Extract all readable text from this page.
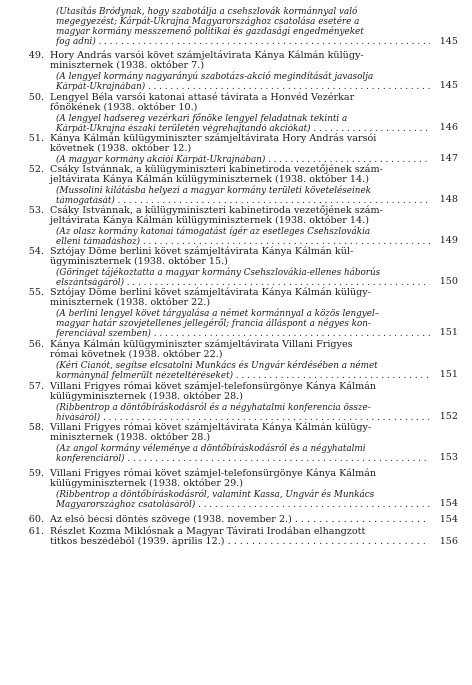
(Utasítás Bródynak, hogy szabotálja a csehszlovák kormánnyal való
megegyezést; Kárpát-Ukrajna Magyarországhoz csatolása esetére a
magyar kormány messzemenő politikai és gazdasági engedményeket
fog adni) . . .	145
49. Hory András varsói követ számjeltávirata Kánya Kálmán külügy-
miniszternek (1938. október 7.)
(A lengyel kormány nagyarányú szabotázs-akció megindítását javasolja
Kárpát-Ukrajnában) . . .	145
50. Lengyel Béla varsói katonai attasé távirata a Honvéd Vezérkar
főnökének (1938. október 10.)
(A lengyel hadsereg vezérkari főnöke lengyel feladatnak tekinti a
Kárpát-Ukrajna északi területén végrehajtandó akciókat) . . .	146
51. Kánya Kálmán külügyminiszter számjeltávirata Hory András varsói
követnek (1938. október 12.)
(A magyar kormány akciói Kárpát-Ukrajnában) . . .	147
52. Csáky Istvánnak, a külügyminiszteri kabinetiroda vezetőjének szám-
jeltávirata Kánya Kálmán külügyminiszternek (1938. október 14.)
(Mussolini kilátásba helyezi a magyar kormány területi követeléseinek
támogatását) . . .	148
53. Csáky Istvánnak, a külügyminiszteri kabinetiroda vezetőjének szám-
jeltávirata Kánya Kálmán külügyminiszternek (1938. október 14.)
(Az olasz kormány katonai támogatást ígér az esetleges Csehszlovákia
elleni támadáshoz) . . .	149
54. Sztójay Döme berlini követ számjeltávirata Kánya Kálmán kül-
ügyminiszternek (1938. október 15.)
(Göringet tájékoztatta a magyar kormány Csehszlovákia-ellenes háborús
elszántságáról) . . .	150
55. Sztójay Döme berlini követ számjeltávirata Kánya Kálmán külügy-
miniszternek (1938. október 22.)
(A berlini lengyel követ tárgyalása a német kormánnyal a közös lengyel–
magyar határ szovjetellenes jellegéről; francia álláspont a négyes kon-
ferenciával szemben) . . .	151
56. Kánya Kálmán külügyminiszter számjeltávirata Villani Frigyes
római követnek (1938. október 22.)
(Kéri Cianót, segítse elcsatolni Munkács és Ungvár kérdésében a német
kormánynál felmerült nézeteltéréseket) . . .	151
57. Villani Frigyes római követ számjel-telefonsürgönye Kánya Kálmán
külügyminiszternek (1938. október 28.)
(Ribbentrop a döntőbíráskodásról és a négyhatalmi konferencia össze-
hívásáról) . . .	152
58. Villani Frigyes római követ számjeltávirata Kánya Kálmán külügy-
miniszternek (1938. október 28.)
(Az angol kormány véleménye a döntőbíráskodásról és a négyhatalmi
konferenciáról) . . .	153
59. Villani Frigyes római követ számjel-telefonsürgönye Kánya Kálmán
külügyminiszternek (1938. október 29.)
(Ribbentrop a döntőbíráskodásról, valamint Kassa, Ungvár és Munkács
Magyarországhoz csatolásáról) . . .	154
60. Az első bécsi döntés szövege (1938. november 2.) . . .	154
61. Részlet Kozma Miklósnak a Magyar Távirati Irodában elhangzott
titkos beszédéből (1939. április 12.) . . .	156
